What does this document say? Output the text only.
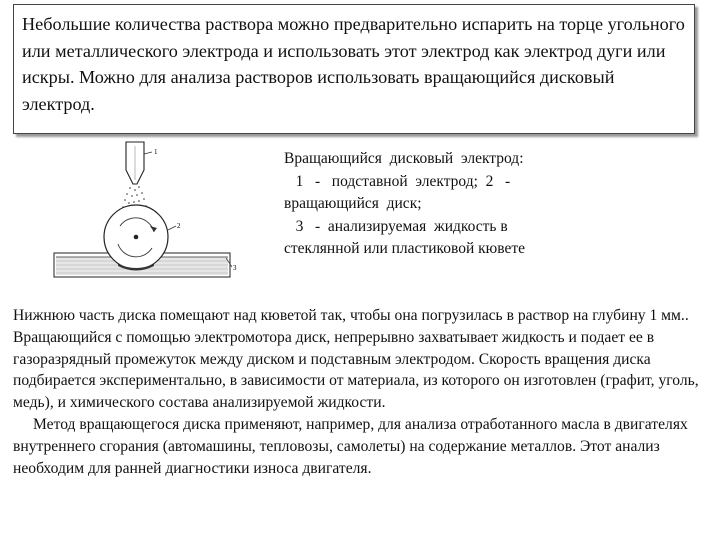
Небольшие количества раствора можно предварительно испарить на торце угольного или металлического электрода и использовать этот электрод как электрод дуги или искры. Можно для анализа растворов использовать вращающийся дисковый электрод.
1
3
2
Вращающийся  дисковый  электрод:
1   -   подставной  электрод;  2   -
вращающийся  диск;
3   -  анализируемая  жидкость в
стеклянной или пластиковой кювете

Нижнюю часть диска помещают над кюветой так, чтобы она погрузилась в раствор на глубину 1 мм.. Вращающийся с помощью электромотора диск, непрерывно захватывает жидкость и подает ее в газоразрядный промежуток между диском и подставным электродом. Скорость вращения диска подбирается экспериментально, в зависимости от материала, из которого он изготовлен (графит, уголь, медь), и химического состава анализируемой жидкости.

Метод вращающегося диска применяют, например, для анализа отработанного масла в двигателях внутреннего сгорания (автомашины, тепловозы, самолеты) на содержание металлов. Этот анализ необходим для ранней диагностики износа двигателя.
